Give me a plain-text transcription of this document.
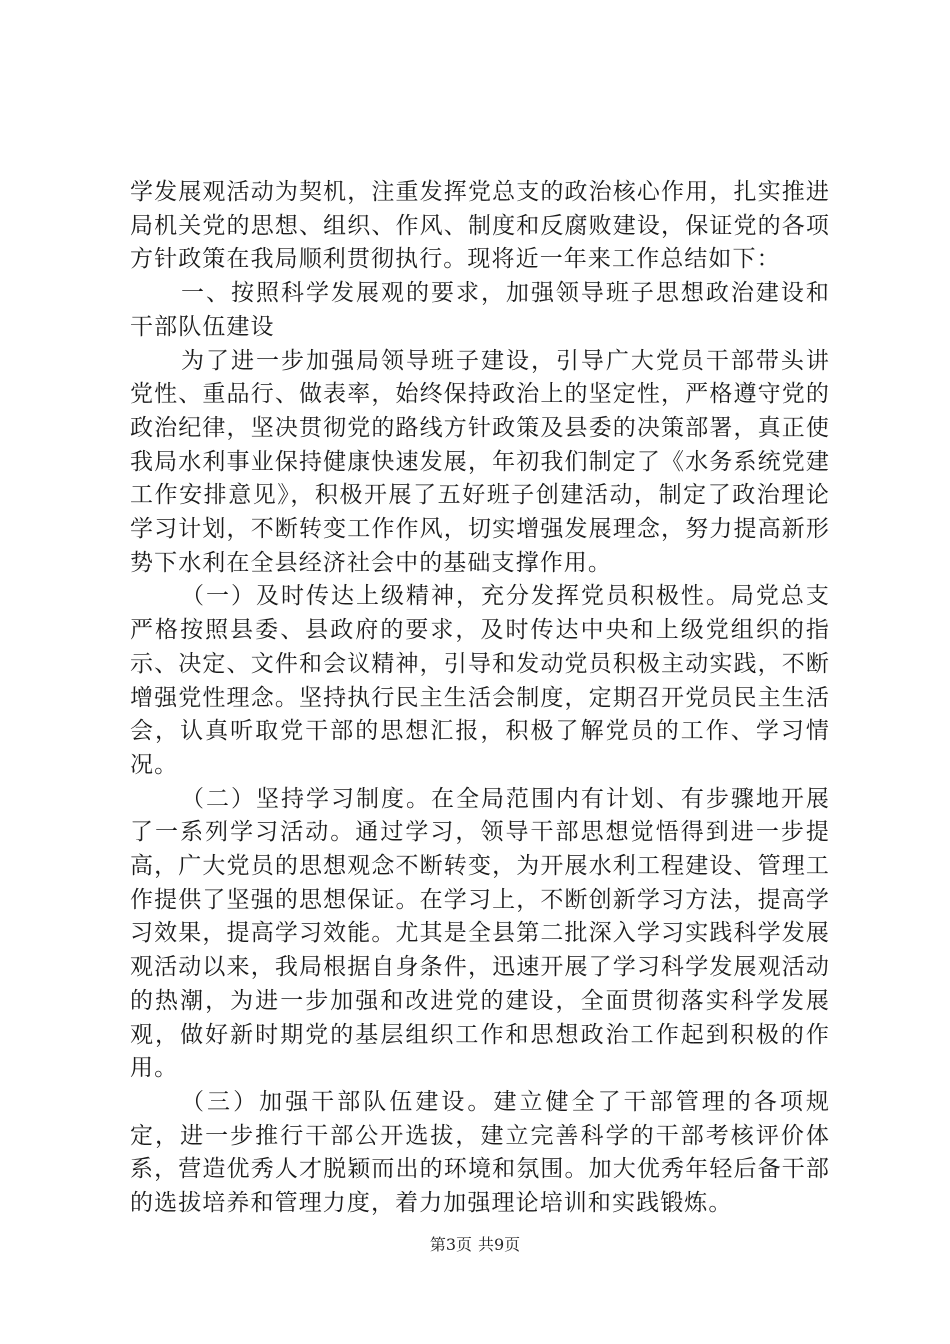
学发展观活动为契机，注重发挥党总支的政治核心作用，扎实推进局机关党的思想、组织、作风、制度和反腐败建设，保证党的各项方针政策在我局顺利贯彻执行。现将近一年来工作总结如下：

一、按照科学发展观的要求，加强领导班子思想政治建设和干部队伍建设

为了进一步加强局领导班子建设，引导广大党员干部带头讲党性、重品行、做表率，始终保持政治上的坚定性，严格遵守党的政治纪律，坚决贯彻党的路线方针政策及县委的决策部署，真正使我局水利事业保持健康快速发展，年初我们制定了《水务系统党建工作安排意见》，积极开展了五好班子创建活动，制定了政治理论学习计划，不断转变工作作风，切实增强发展理念，努力提高新形势下水利在全县经济社会中的基础支撑作用。

（一）及时传达上级精神，充分发挥党员积极性。局党总支严格按照县委、县政府的要求，及时传达中央和上级党组织的指示、决定、文件和会议精神，引导和发动党员积极主动实践，不断增强党性理念。坚持执行民主生活会制度，定期召开党员民主生活会，认真听取党干部的思想汇报，积极了解党员的工作、学习情况。

（二）坚持学习制度。在全局范围内有计划、有步骤地开展了一系列学习活动。通过学习，领导干部思想觉悟得到进一步提高，广大党员的思想观念不断转变，为开展水利工程建设、管理工作提供了坚强的思想保证。在学习上，不断创新学习方法，提高学习效果，提高学习效能。尤其是全县第二批深入学习实践科学发展观活动以来，我局根据自身条件，迅速开展了学习科学发展观活动的热潮，为进一步加强和改进党的建设，全面贯彻落实科学发展观，做好新时期党的基层组织工作和思想政治工作起到积极的作用。

（三）加强干部队伍建设。建立健全了干部管理的各项规定，进一步推行干部公开选拔，建立完善科学的干部考核评价体系，营造优秀人才脱颖而出的环境和氛围。加大优秀年轻后备干部的选拔培养和管理力度，着力加强理论培训和实践锻炼。

第3页 共9页
